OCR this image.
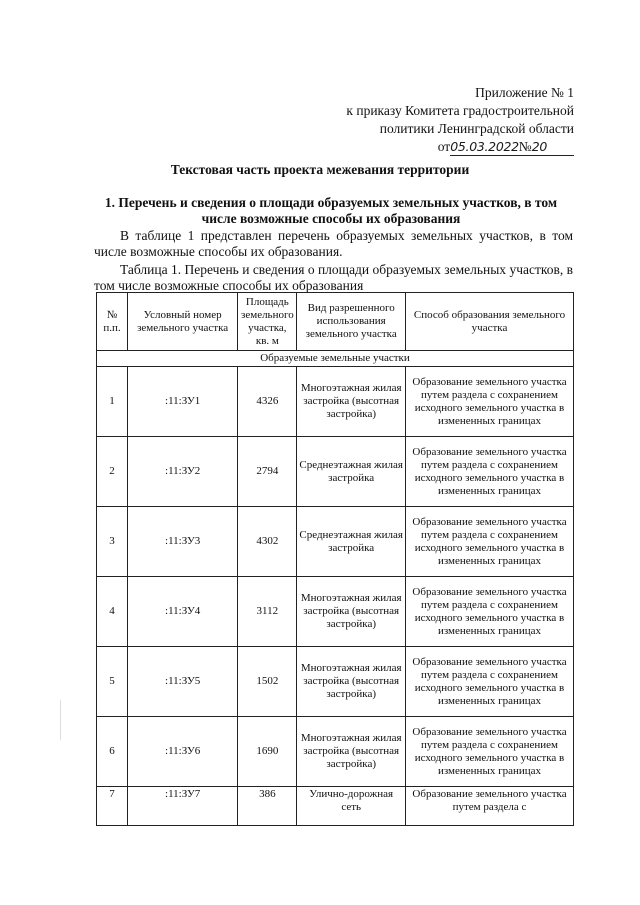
Приложение № 1
к приказу Комитета градостроительной
политики Ленинградской области
от05.03.2022№20
Текстовая часть проекта межевания территории
1. Перечень и сведения о площади образуемых земельных участков, в том числе возможные способы их образования
В таблице 1 представлен перечень образуемых земельных участков, в том числе возможные способы их образования.
Таблица 1. Перечень и сведения о площади образуемых земельных участков, в том числе возможные способы их образования
№ п.п.	Условный номер земельного участка	Площадь земельного участка, кв. м	Вид разрешенного использования земельного участка	Способ образования земельного участка
Образуемые земельные участки				
1	:11:ЗУ1	4326	Многоэтажная жилая застройка (высотная застройка)	Образование земельного участка путем раздела с сохранением исходного земельного участка в измененных границах
2	:11:ЗУ2	2794	Среднеэтажная жилая застройка	Образование земельного участка путем раздела с сохранением исходного земельного участка в измененных границах
3	:11:ЗУ3	4302	Среднеэтажная жилая застройка	Образование земельного участка путем раздела с сохранением исходного земельного участка в измененных границах
4	:11:ЗУ4	3112	Многоэтажная жилая застройка (высотная застройка)	Образование земельного участка путем раздела с сохранением исходного земельного участка в измененных границах
5	:11:ЗУ5	1502	Многоэтажная жилая застройка (высотная застройка)	Образование земельного участка путем раздела с сохранением исходного земельного участка в измененных границах
6	:11:ЗУ6	1690	Многоэтажная жилая застройка (высотная застройка)	Образование земельного участка путем раздела с сохранением исходного земельного участка в измененных границах
7	:11:ЗУ7	386	Улично-дорожная сеть	Образование земельного участка путем раздела с
